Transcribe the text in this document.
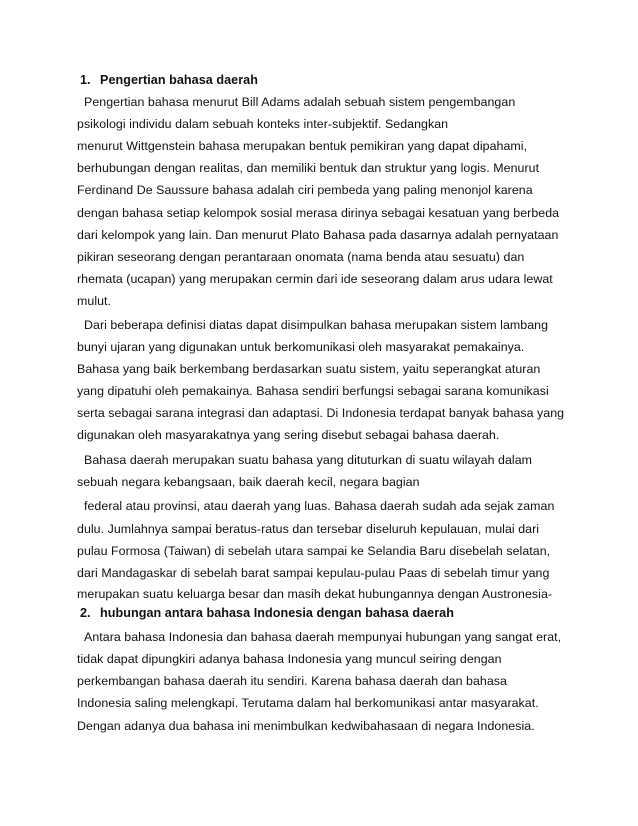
1. Pengertian bahasa daerah
Pengertian bahasa menurut Bill Adams adalah sebuah sistem pengembangan
psikologi individu dalam sebuah konteks inter-subjektif. Sedangkan
menurut Wittgenstein bahasa merupakan bentuk pemikiran yang dapat dipahami,
berhubungan dengan realitas, dan memiliki bentuk dan struktur yang logis. Menurut
Ferdinand De Saussure bahasa adalah ciri pembeda yang paling menonjol karena
dengan bahasa setiap kelompok sosial merasa dirinya sebagai kesatuan yang berbeda
dari kelompok yang lain. Dan menurut Plato Bahasa pada dasarnya adalah pernyataan
pikiran seseorang dengan perantaraan onomata (nama benda atau sesuatu) dan
rhemata (ucapan) yang merupakan cermin dari ide seseorang dalam arus udara lewat
mulut.
Dari beberapa definisi diatas dapat disimpulkan bahasa merupakan sistem lambang
bunyi ujaran yang digunakan untuk berkomunikasi oleh masyarakat pemakainya.
Bahasa yang baik berkembang berdasarkan suatu sistem, yaitu seperangkat aturan
yang dipatuhi oleh pemakainya. Bahasa sendiri berfungsi sebagai sarana komunikasi
serta sebagai sarana integrasi dan adaptasi. Di Indonesia terdapat banyak bahasa yang
digunakan oleh masyarakatnya yang sering disebut sebagai bahasa daerah.
Bahasa daerah merupakan suatu bahasa yang dituturkan di suatu wilayah dalam
sebuah negara kebangsaan, baik daerah kecil, negara bagian
federal atau provinsi, atau daerah yang luas. Bahasa daerah sudah ada sejak zaman
dulu. Jumlahnya sampai beratus-ratus dan tersebar diseluruh kepulauan, mulai dari
pulau Formosa (Taiwan) di sebelah utara sampai ke Selandia Baru disebelah selatan,
dari Mandagaskar di sebelah barat sampai kepulau-pulau Paas di sebelah timur yang
merupakan suatu keluarga besar dan masih dekat hubungannya dengan Austronesia-
2. hubungan antara bahasa Indonesia dengan bahasa daerah
Antara bahasa Indonesia dan bahasa daerah mempunyai hubungan yang sangat erat,
tidak dapat dipungkiri adanya bahasa Indonesia yang muncul seiring dengan
perkembangan bahasa daerah itu sendiri. Karena bahasa daerah dan bahasa
Indonesia saling melengkapi. Terutama dalam hal berkomunikasi antar masyarakat.
Dengan adanya dua bahasa ini menimbulkan kedwibahasaan di negara Indonesia.
